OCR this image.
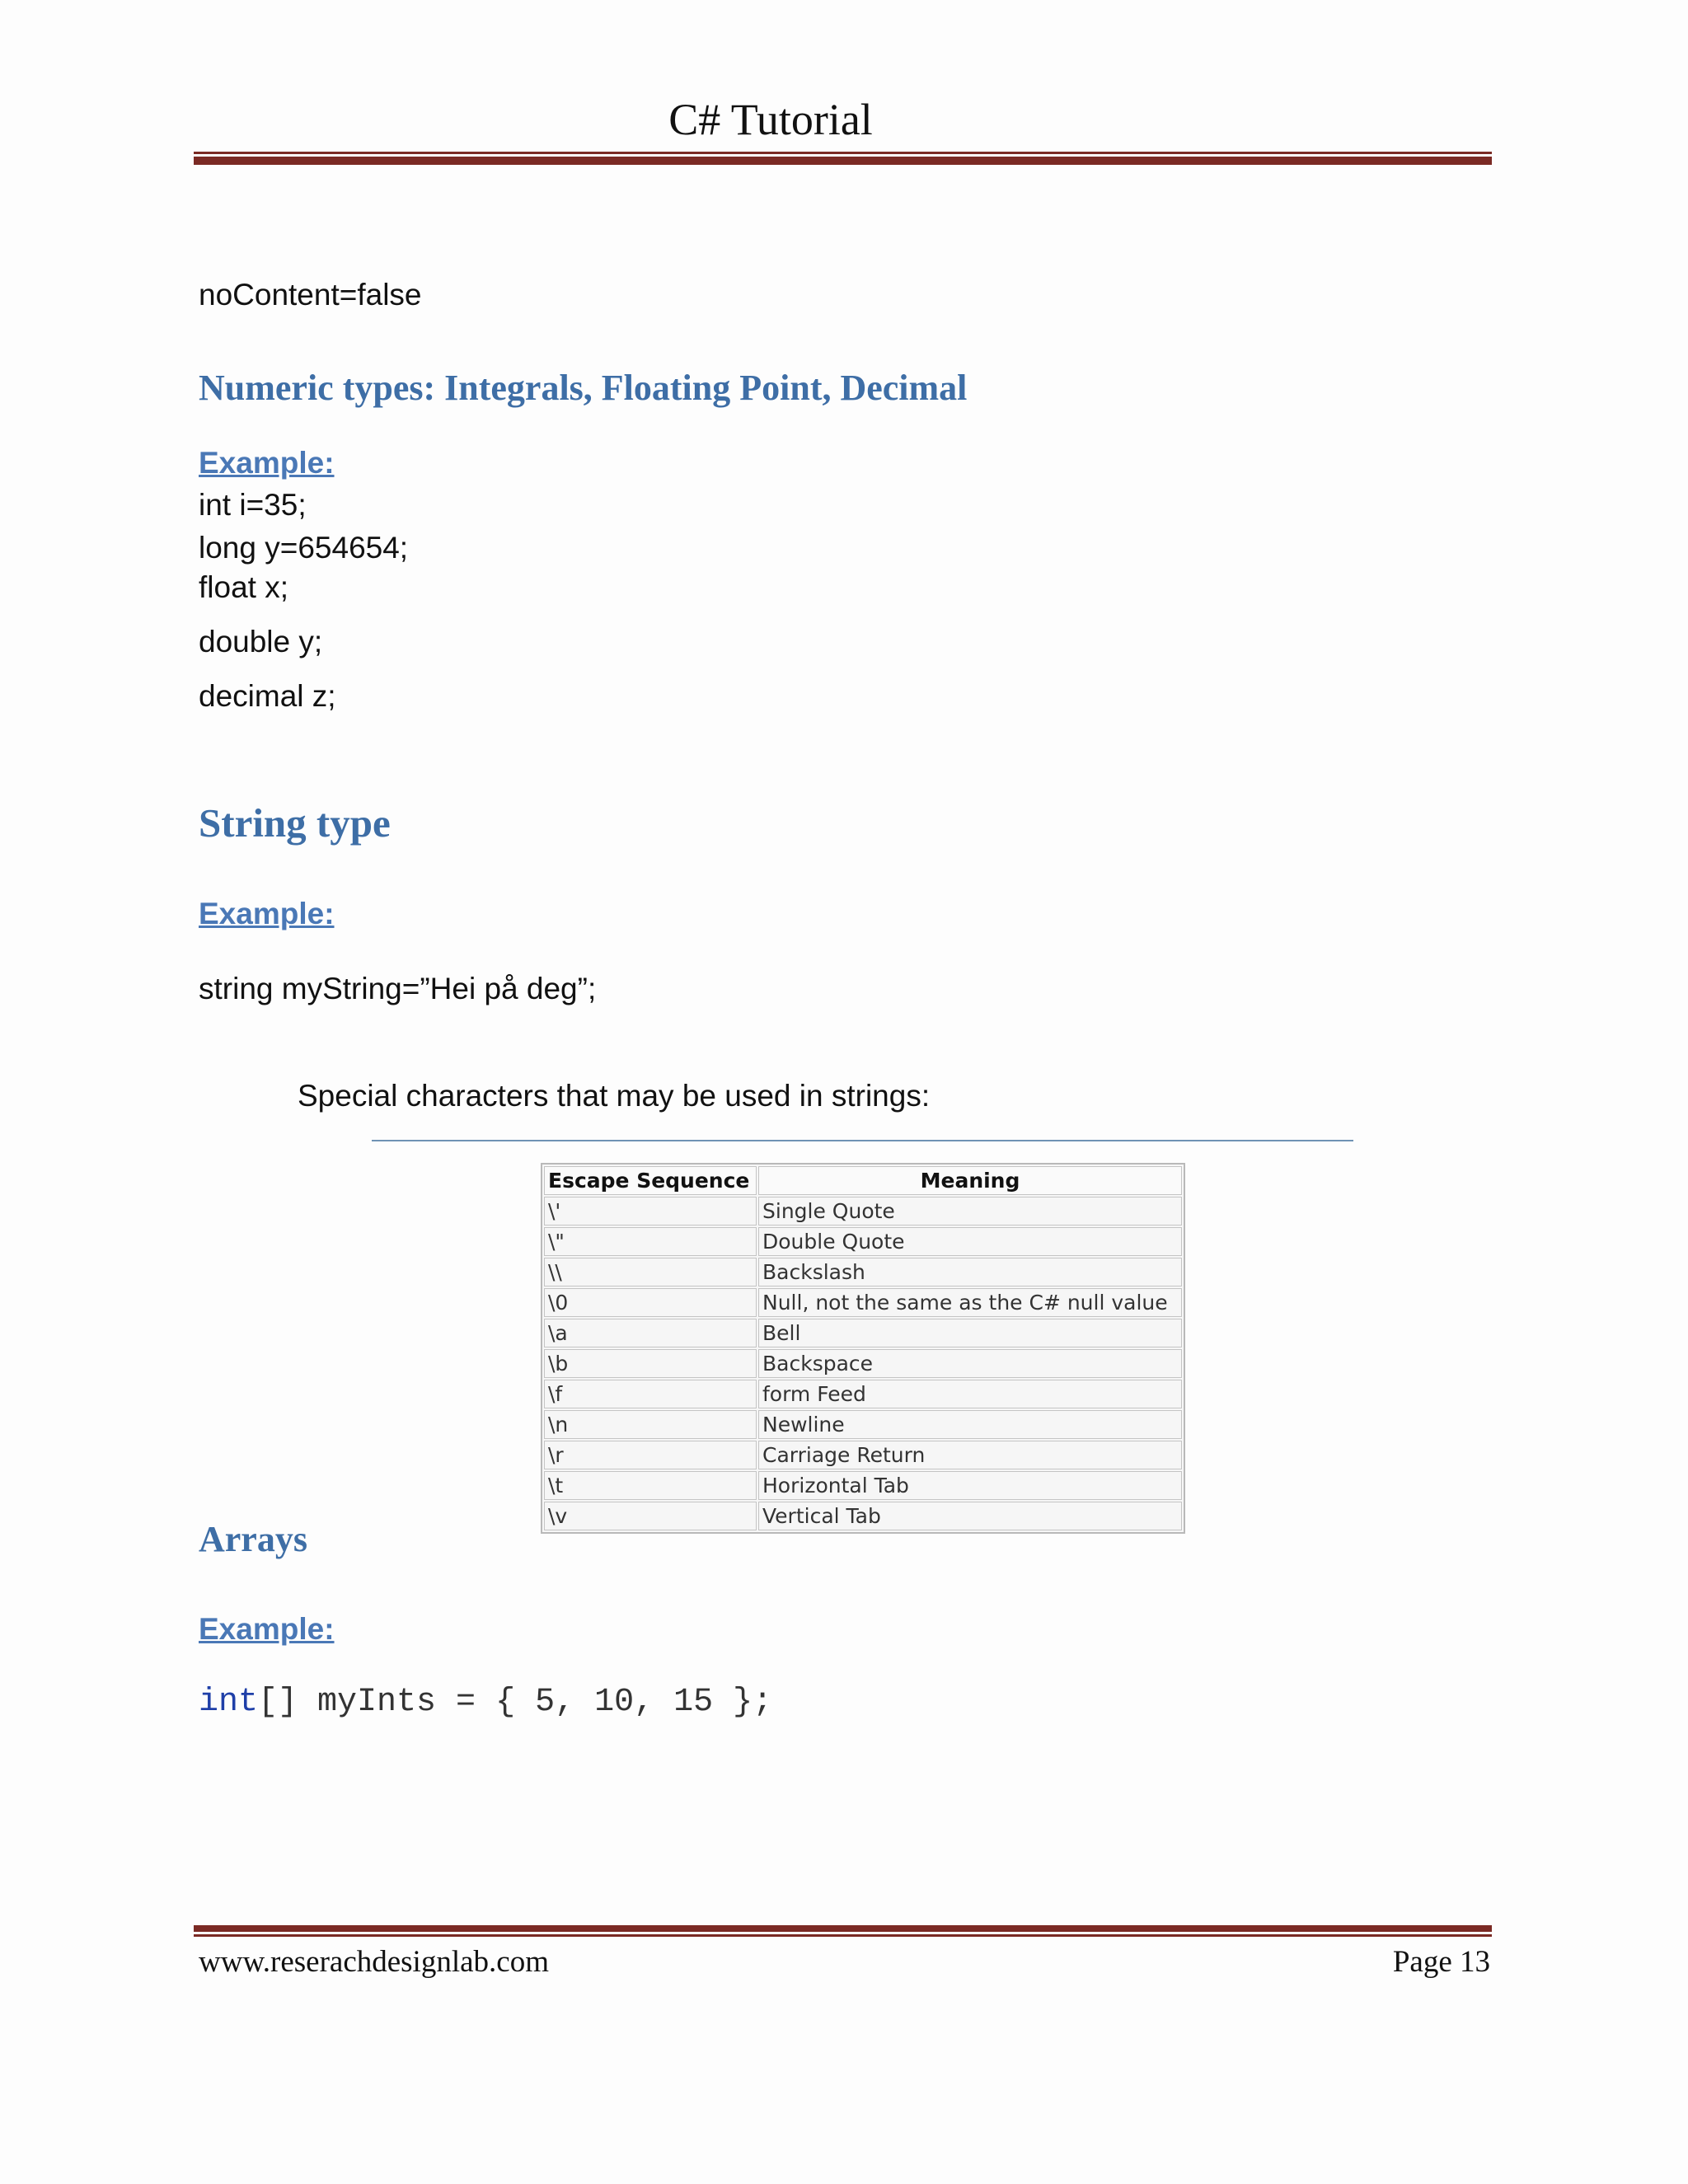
C# Tutorial
noContent=false
Numeric types: Integrals, Floating Point, Decimal
Example:
int i=35;
long y=654654;
float x;
double y;
decimal z;
String type
Example:
string myString=”Hei på deg”;
Special characters that may be used in strings:
Escape Sequence	Meaning
\'	Single Quote
\"	Double Quote
\\	Backslash
\0	Null, not the same as the C# null value
\a	Bell
\b	Backspace
\f	form Feed
\n	Newline
\r	Carriage Return
\t	Horizontal Tab
\v	Vertical Tab
Arrays
Example:
int[] myInts = { 5, 10, 15 };
www.reserachdesignlab.com	Page 13
